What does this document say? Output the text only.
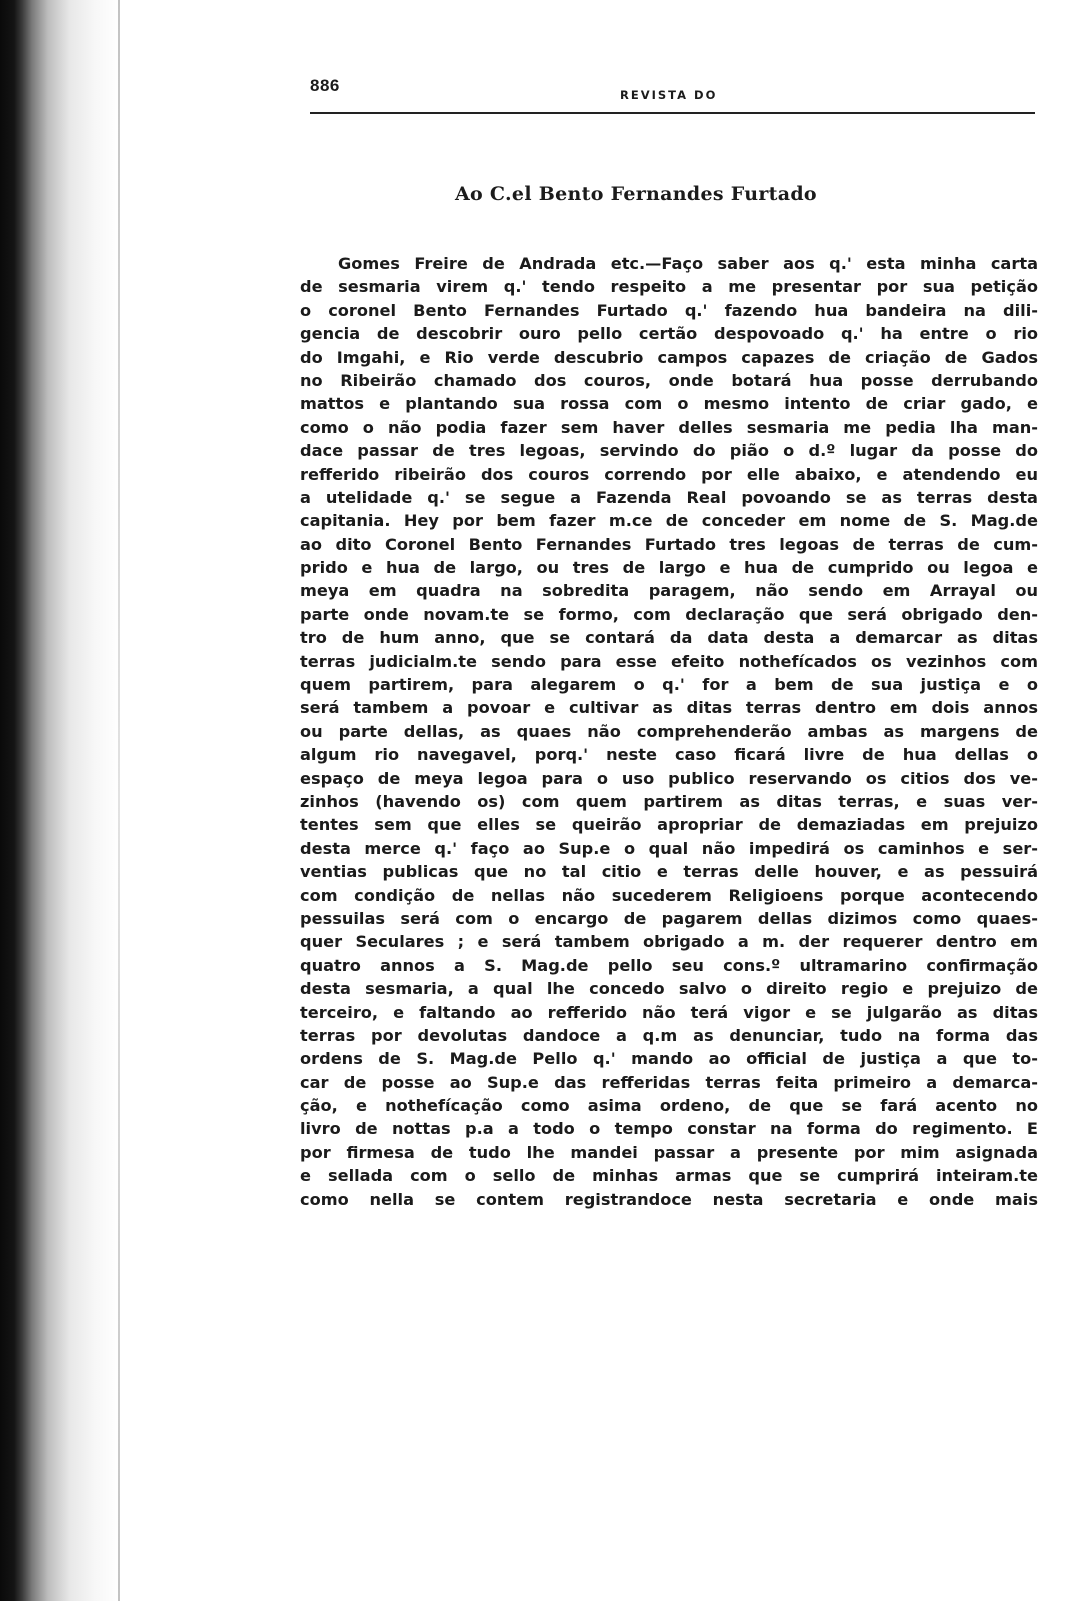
886	REVISTA DO
Ao C.el Bento Fernandes Furtado
Gomes Freire de Andrada etc.—Faço saber aos q.' esta minha carta
de sesmaria virem q.' tendo respeito a me presentar por sua petição
o coronel Bento Fernandes Furtado q.' fazendo hua bandeira na dili-
gencia de descobrir ouro pello certão despovoado q.' ha entre o rio
do Imgahi, e Rio verde descubrio campos capazes de criação de Gados
no Ribeirão chamado dos couros, onde botará hua posse derrubando
mattos e plantando sua rossa com o mesmo intento de criar gado, e
como o não podia fazer sem haver delles sesmaria me pedia lha man-
dace passar de tres legoas, servindo do pião o d.º lugar da posse do
refferido ribeirão dos couros correndo por elle abaixo, e atendendo eu
a utelidade q.' se segue a Fazenda Real povoando se as terras desta
capitania. Hey por bem fazer m.ce de conceder em nome de S. Mag.de
ao dito Coronel Bento Fernandes Furtado tres legoas de terras de cum-
prido e hua de largo, ou tres de largo e hua de cumprido ou legoa e
meya em quadra na sobredita paragem, não sendo em Arrayal ou
parte onde novam.te se formo, com declaração que será obrigado den-
tro de hum anno, que se contará da data desta a demarcar as ditas
terras judicialm.te sendo para esse efeito nothefícados os vezinhos com
quem partirem, para alegarem o q.' for a bem de sua justiça e o
será tambem a povoar e cultivar as ditas terras dentro em dois annos
ou parte dellas, as quaes não comprehenderão ambas as margens de
algum rio navegavel, porq.' neste caso ficará livre de hua dellas o
espaço de meya legoa para o uso publico reservando os citios dos ve-
zinhos (havendo os) com quem partirem as ditas terras, e suas ver-
tentes sem que elles se queirão apropriar de demaziadas em prejuizo
desta merce q.' faço ao Sup.e o qual não impedirá os caminhos e ser-
ventias publicas que no tal citio e terras delle houver, e as pessuirá
com condição de nellas não sucederem Religioens porque acontecendo
pessuilas será com o encargo de pagarem dellas dizimos como quaes-
quer Seculares ; e será tambem obrigado a m. der requerer dentro em
quatro annos a S. Mag.de pello seu cons.º ultramarino confirmação
desta sesmaria, a qual lhe concedo salvo o direito regio e prejuizo de
terceiro, e faltando ao refferido não terá vigor e se julgarão as ditas
terras por devolutas dandoce a q.m as denunciar, tudo na forma das
ordens de S. Mag.de Pello q.' mando ao official de justiça a que to-
car de posse ao Sup.e das refferidas terras feita primeiro a demarca-
ção, e nothefícação como asima ordeno, de que se fará acento no
livro de nottas p.a a todo o tempo constar na forma do regimento. E
por firmesa de tudo lhe mandei passar a presente por mim asignada
e sellada com o sello de minhas armas que se cumprirá inteiram.te
como nella se contem registrandoce nesta secretaria e onde mais
